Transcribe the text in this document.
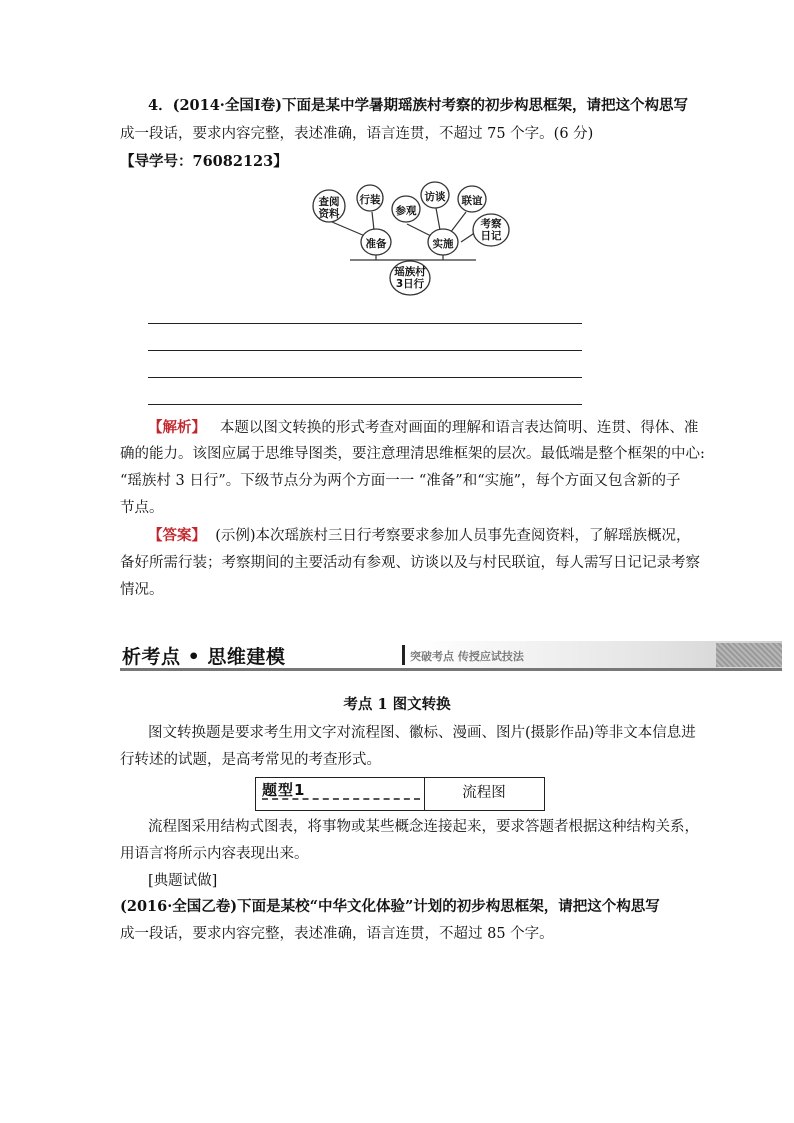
4．(2014·全国Ⅰ卷)下面是某中学暑期瑶族村考察的初步构思框架，请把这个构思写
成一段话，要求内容完整，表述准确，语言连贯，不超过 75 个字。(6 分)
【导学号：76082123】
查阅
资料
行装
准备
参观
访谈 联谊
考察
日记
实施
瑶族村
3日行
【解析】 本题以图文转换的形式考查对画面的理解和语言表达简明、连贯、得体、准
确的能力。该图应属于思维导图类，要注意理清思维框架的层次。最低端是整个框架的中心:
“瑶族村 3 日行”。下级节点分为两个方面一一 “准备”和“实施”，每个方面又包含新的子
节点。
【答案】 (示例)本次瑶族村三日行考察要求参加人员事先查阅资料，了解瑶族概况，
备好所需行装；考察期间的主要活动有参观、访谈以及与村民联谊，每人需写日记记录考察
情况。
析考点 • 思维建模	突破考点 传授应试技法
考点 1 图文转换
图文转换题是要求考生用文字对流程图、徽标、漫画、图片(摄影作品)等非文本信息进
行转述的试题，是高考常见的考查形式。
题型1	流程图
流程图采用结构式图表，将事物或某些概念连接起来，要求答题者根据这种结构关系，
用语言将所示内容表现出来。
[典题试做]
(2016·全国乙卷)下面是某校“中华文化体验”计划的初步构思框架，请把这个构思写
成一段话，要求内容完整，表述准确，语言连贯，不超过 85 个字。
